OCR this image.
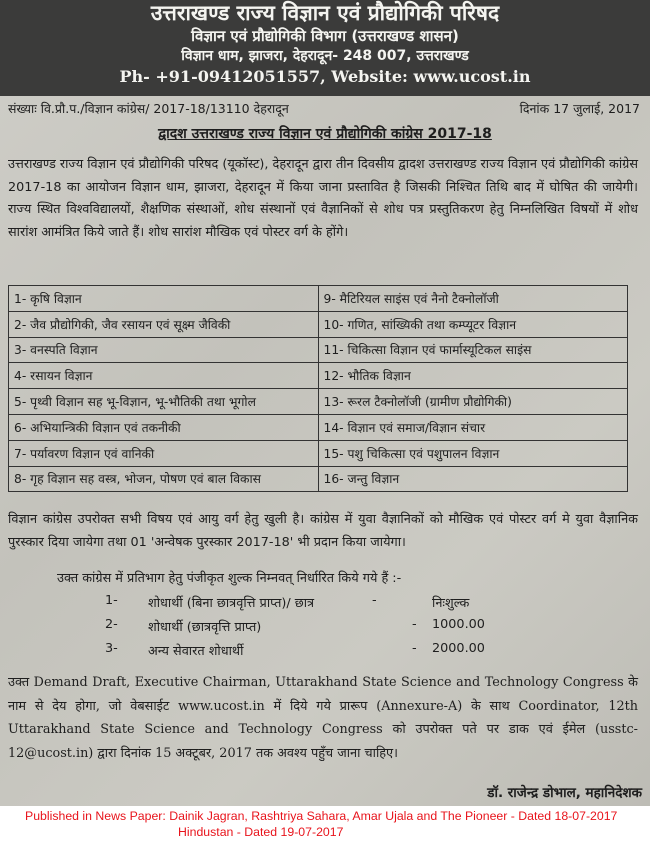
उत्तराखण्ड राज्य विज्ञान एवं प्रौद्योगिकी परिषद
विज्ञान एवं प्रौद्योगिकी विभाग (उत्तराखण्ड शासन)
विज्ञान धाम, झाजरा, देहरादून- 248 007, उत्तराखण्ड
Ph- +91-09412051557, Website: www.ucost.in
संख्याः वि.प्रौ.प./विज्ञान कांग्रेस/ 2017-18/13110 देहरादून	दिनांक 17 जुलाई, 2017
द्वादश उत्तराखण्ड राज्य विज्ञान एवं प्रौद्योगिकी कांग्रेस 2017-18
उत्तराखण्ड राज्य विज्ञान एवं प्रौद्योगिकी परिषद (यूकॉस्ट), देहरादून द्वारा तीन दिवसीय द्वादश उत्तराखण्ड राज्य विज्ञान एवं प्रौद्योगिकी कांग्रेस 2017-18 का आयोजन विज्ञान धाम, झाजरा, देहरादून में किया जाना प्रस्तावित है जिसकी निश्चित तिथि बाद में घोषित की जायेगी। राज्य स्थित विश्वविद्यालयों, शैक्षणिक संस्थाओं, शोध संस्थानों एवं वैज्ञानिकों से शोध पत्र प्रस्तुतिकरण हेतु निम्नलिखित विषयों में शोध सारांश आमंत्रित किये जाते हैं। शोध सारांश मौखिक एवं पोस्टर वर्ग के होंगे।
1- कृषि विज्ञान	9- मैटिरियल साइंस एवं नैनो टैक्नोलॉजी
2- जैव प्रौद्योगिकी, जैव रसायन एवं सूक्ष्म जैविकी	10- गणित, सांख्यिकी तथा कम्प्यूटर विज्ञान
3- वनस्पति विज्ञान	11- चिकित्सा विज्ञान एवं फार्मास्यूटिकल साइंस
4- रसायन विज्ञान	12- भौतिक विज्ञान
5- पृथ्वी विज्ञान सह भू-विज्ञान, भू-भौतिकी तथा भूगोल	13- रूरल टैक्नोलॉजी (ग्रामीण प्रौद्योगिकी)
6- अभियान्त्रिकी विज्ञान एवं तकनीकी	14- विज्ञान एवं समाज/विज्ञान संचार
7- पर्यावरण विज्ञान एवं वानिकी	15- पशु चिकित्सा एवं पशुपालन विज्ञान
8- गृह विज्ञान सह वस्त्र, भोजन, पोषण एवं बाल विकास	16- जन्तु विज्ञान
विज्ञान कांग्रेस उपरोक्त सभी विषय एवं आयु वर्ग हेतु खुली है। कांग्रेस में युवा वैज्ञानिकों को मौखिक एवं पोस्टर वर्ग मे युवा वैज्ञानिक पुरस्कार दिया जायेगा तथा 01 'अन्वेषक पुरस्कार 2017-18' भी प्रदान किया जायेगा।
उक्त कांग्रेस में प्रतिभाग हेतु पंजीकृत शुल्क निम्नवत् निर्धारित किये गये हैं :-
1- शोधार्थी (बिना छात्रवृत्ति प्राप्त)/ छात्र	-	निःशुल्क
2- शोधार्थी (छात्रवृत्ति प्राप्त)	- 1000.00
3- अन्य सेवारत शोधार्थी	- 2000.00
उक्त Demand Draft, Executive Chairman, Uttarakhand State Science and Technology Congress के नाम से देय होगा, जो वेबसाईट www.ucost.in में दिये गये प्रारूप (Annexure-A) के साथ Coordinator, 12th Uttarakhand State Science and Technology Congress को उपरोक्त पते पर डाक एवं ईमेल (usstc-12@ucost.in) द्वारा दिनांक 15 अक्टूबर, 2017 तक अवश्य पहुँच जाना चाहिए।
डॉ. राजेन्द्र डोभाल, महानिदेशक
Published in News Paper: Dainik Jagran, Rashtriya Sahara, Amar Ujala and The Pioneer - Dated 18-07-2017
Hindustan - Dated 19-07-2017
